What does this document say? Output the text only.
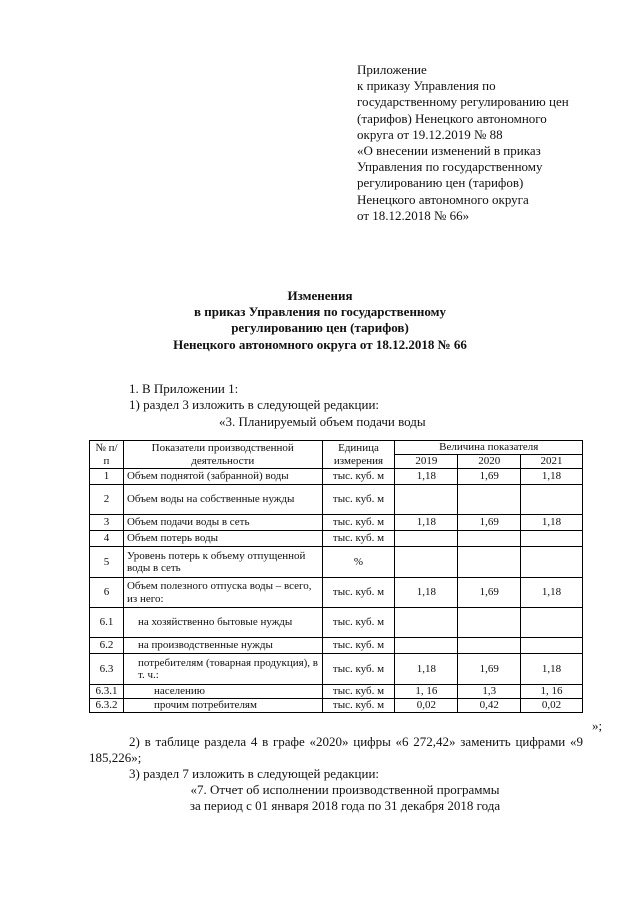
Приложение
к приказу Управления по
государственному регулированию цен
(тарифов) Ненецкого автономного
округа от 19.12.2019 № 88
«О внесении изменений в приказ
Управления по государственному
регулированию цен (тарифов)
Ненецкого автономного округа
от 18.12.2018 № 66»
Изменения
в приказ Управления по государственному
регулированию цен (тарифов)
Ненецкого автономного округа от 18.12.2018 № 66
1. В Приложении 1:
1) раздел 3 изложить в следующей редакции:
«3. Планируемый объем подачи воды
№ п/п	Показатели производственной деятельности	Единица измерения	Величина показателя		
			2019	2020	2021
1	Объем поднятой (забранной) воды	тыс. куб. м	1,18	1,69	1,18
2	Объем воды на собственные нужды	тыс. куб. м			
3	Объем подачи воды в сеть	тыс. куб. м	1,18	1,69	1,18
4	Объем потерь воды	тыс. куб. м			
5	Уровень потерь к объему отпущенной воды в сеть	%			
6	Объем полезного отпуска воды – всего, из него:	тыс. куб. м	1,18	1,69	1,18
6.1	на хозяйственно бытовые нужды	тыс. куб. м			
6.2	на производственные нужды	тыс. куб. м			
6.3	потребителям (товарная продукция), в т. ч.:	тыс. куб. м	1,18	1,69	1,18
6.3.1	населению	тыс. куб. м	1, 16	1,3	1, 16
6.3.2	прочим потребителям	тыс. куб. м	0,02	0,42	0,02
»;
2) в таблице раздела 4 в графе «2020» цифры «6 272,42» заменить цифрами «9 185,226»;
3) раздел 7 изложить в следующей редакции:
«7. Отчет об исполнении производственной программы
за период с 01 января 2018 года по 31 декабря 2018 года
